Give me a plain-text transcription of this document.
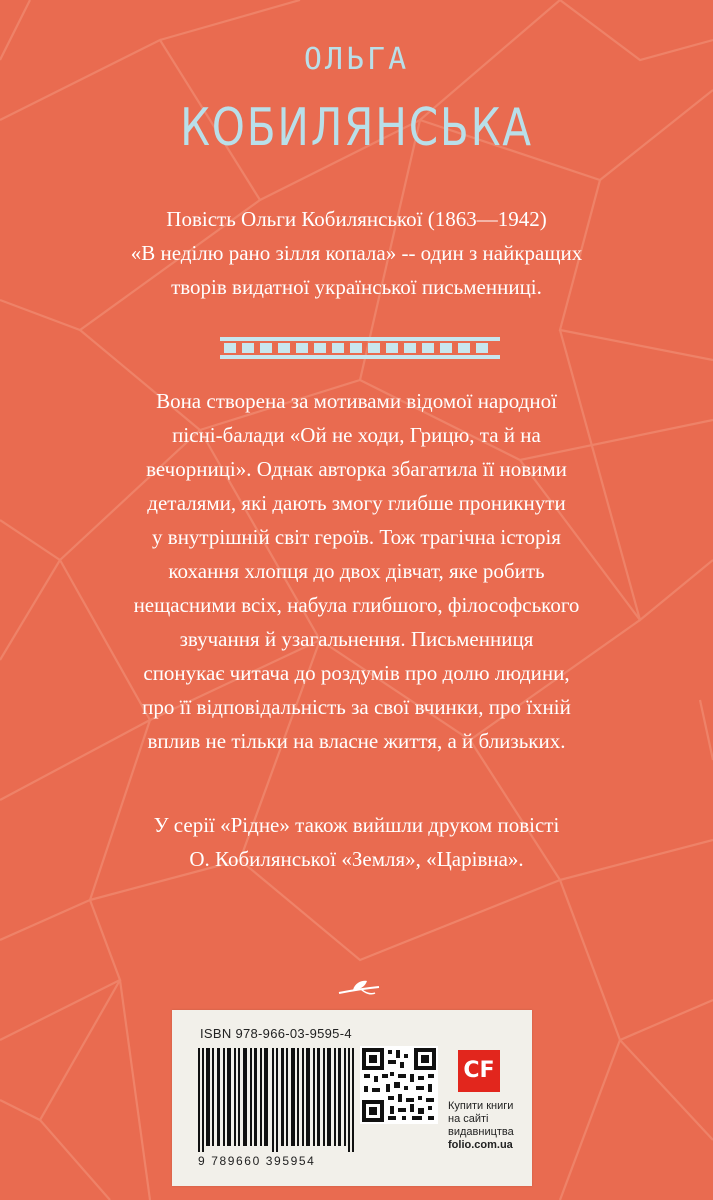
ОЛЬГА
КОБИЛЯНСЬКА
Повість Ольги Кобилянської (1863—1942)
«В неділю рано зілля копала» -- один з найкращих
творів видатної української письменниці.
Вона створена за мотивами відомої народної
пісні-балади «Ой не ходи, Грицю, та й на
вечорниці». Однак авторка збагатила її новими
деталями, які дають змогу глибше проникнути
у внутрішній світ героїв. Тож трагічна історія
кохання хлопця до двох дівчат, яке робить
нещасними всіх, набула глибшого, філософського
звучання й узагальнення. Письменниця
спонукає читача до роздумів про долю людини,
про її відповідальність за свої вчинки, про їхній
вплив не тільки на власне життя, а й близьких.
У серії «Рідне» також вийшли друком повісті
О. Кобилянської «Земля», «Царівна».
ISBN 978-966-03-9595-4
9 789660 395954
CF
Купити книги
на сайті
видавництва
folio.com.ua
